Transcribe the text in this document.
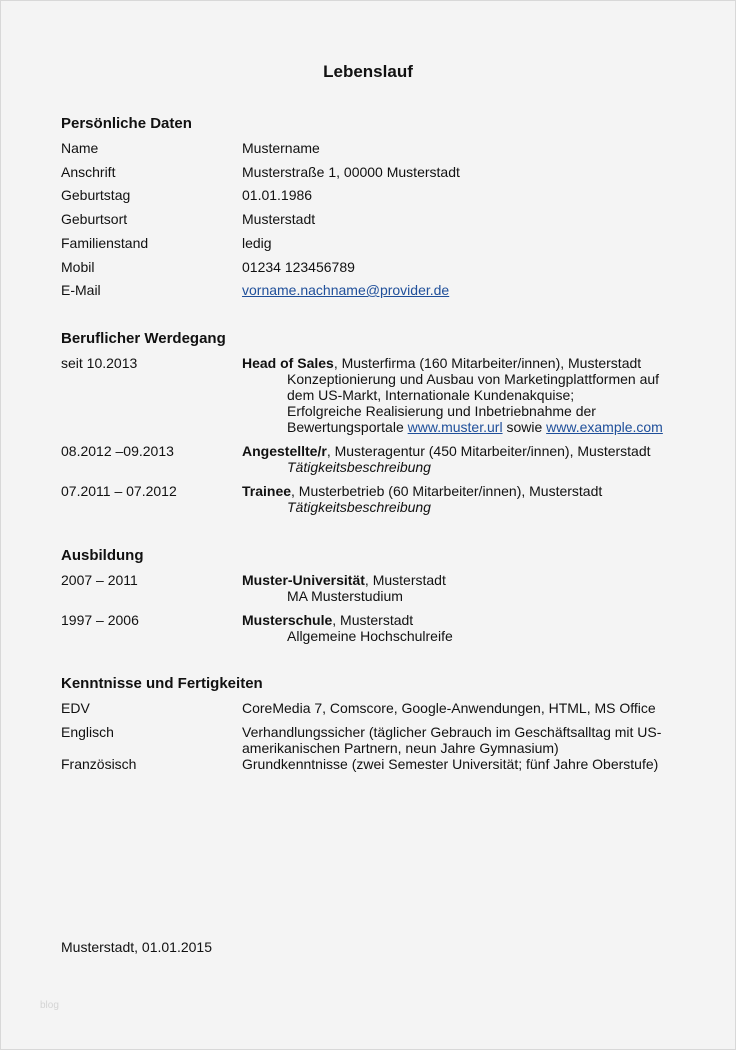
Lebenslauf
Persönliche Daten
Name	Mustername
Anschrift	Musterstraße 1, 00000 Musterstadt
Geburtstag	01.01.1986
Geburtsort	Musterstadt
Familienstand	ledig
Mobil	01234 123456789
E-Mail	vorname.nachname@provider.de
Beruflicher Werdegang
seit 10.2013	Head of Sales, Musterfirma (160 Mitarbeiter/innen), Musterstadt
Konzeptionierung und Ausbau von Marketingplattformen auf
dem US-Markt, Internationale Kundenakquise;
Erfolgreiche Realisierung und Inbetriebnahme der
Bewertungsportale www.muster.url sowie www.example.com
08.2012 –09.2013	Angestellte/r, Musteragentur (450 Mitarbeiter/innen), Musterstadt
Tätigkeitsbeschreibung
07.2011 – 07.2012	Trainee, Musterbetrieb (60 Mitarbeiter/innen), Musterstadt
Tätigkeitsbeschreibung
Ausbildung
2007 – 2011	Muster-Universität, Musterstadt
MA Musterstudium
1997 – 2006	Musterschule, Musterstadt
Allgemeine Hochschulreife
Kenntnisse und Fertigkeiten
EDV	CoreMedia 7, Comscore, Google-Anwendungen, HTML, MS Office
Englisch	Verhandlungssicher (täglicher Gebrauch im Geschäftsalltag mit US-
amerikanischen Partnern, neun Jahre Gymnasium)
Französisch	Grundkenntnisse (zwei Semester Universität; fünf Jahre Oberstufe)
Musterstadt, 01.01.2015
blog
